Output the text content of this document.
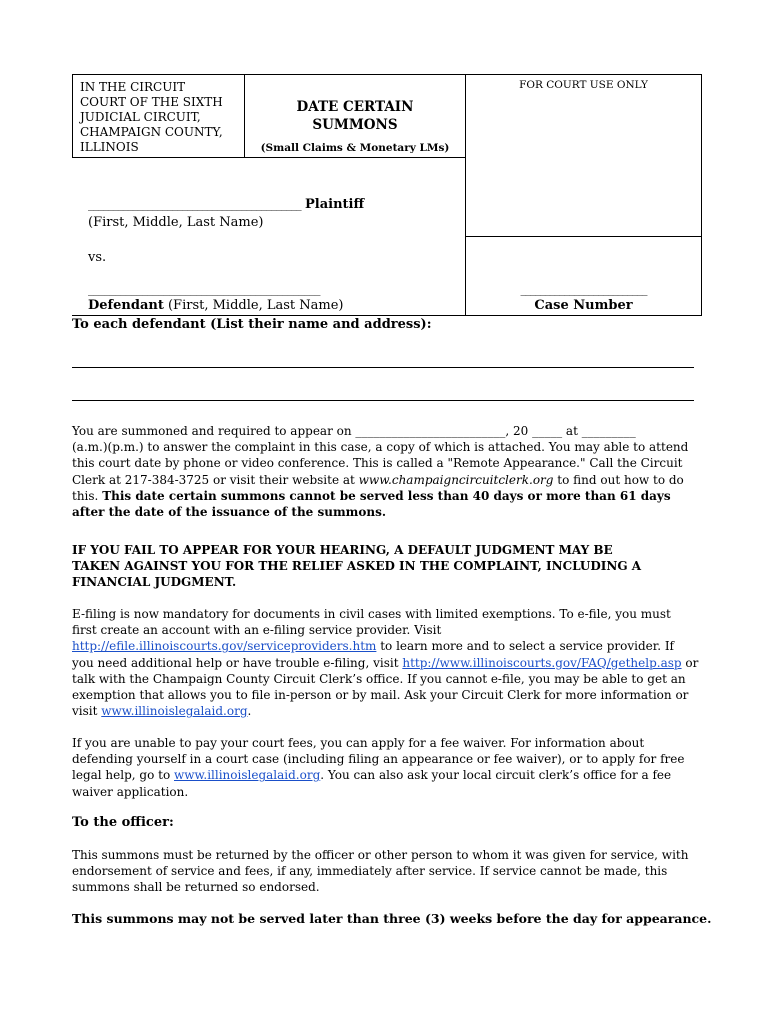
IN THE CIRCUIT
COURT OF THE SIXTH
JUDICIAL CIRCUIT,
CHAMPAIGN COUNTY,
ILLINOIS
DATE CERTAIN
SUMMONS
(Small Claims & Monetary LMs)
FOR COURT USE ONLY
___________________________________________ Plaintiff
(First, Middle, Last Name)
vs.
___________________________________________
Defendant (First, Middle, Last Name)
__________________________
Case Number
To each defendant (List their name and address):
You are summoned and required to appear on _________________________, 20 _____ at _________
(a.m.)(p.m.) to answer the complaint in this case, a copy of which is attached. You may able to attend
this court date by phone or video conference. This is called a "Remote Appearance." Call the Circuit
Clerk at 217-384-3725 or visit their website at www.champaigncircuitclerk.org to find out how to do
this. This date certain summons cannot be served less than 40 days or more than 61 days
after the date of the issuance of the summons.
IF YOU FAIL TO APPEAR FOR YOUR HEARING, A DEFAULT JUDGMENT MAY BE
TAKEN AGAINST YOU FOR THE RELIEF ASKED IN THE COMPLAINT, INCLUDING A
FINANCIAL JUDGMENT.
E-filing is now mandatory for documents in civil cases with limited exemptions. To e-file, you must
first create an account with an e-filing service provider. Visit
http://efile.illinoiscourts.gov/serviceproviders.htm to learn more and to select a service provider. If
you need additional help or have trouble e-filing, visit http://www.illinoiscourts.gov/FAQ/gethelp.asp or
talk with the Champaign County Circuit Clerk’s office. If you cannot e-file, you may be able to get an
exemption that allows you to file in-person or by mail. Ask your Circuit Clerk for more information or
visit www.illinoislegalaid.org.
If you are unable to pay your court fees, you can apply for a fee waiver. For information about
defending yourself in a court case (including filing an appearance or fee waiver), or to apply for free
legal help, go to www.illinoislegalaid.org. You can also ask your local circuit clerk’s office for a fee
waiver application.
To the officer:
This summons must be returned by the officer or other person to whom it was given for service, with
endorsement of service and fees, if any, immediately after service. If service cannot be made, this
summons shall be returned so endorsed.
This summons may not be served later than three (3) weeks before the day for appearance.
